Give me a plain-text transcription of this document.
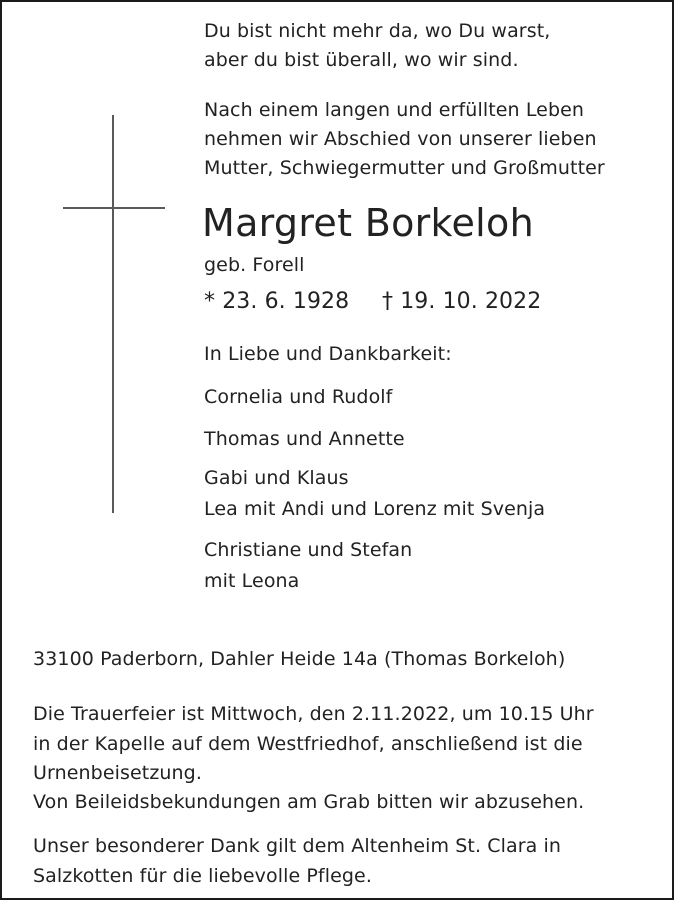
Du bist nicht mehr da, wo Du warst,
aber du bist überall, wo wir sind.
Nach einem langen und erfüllten Leben
nehmen wir Abschied von unserer lieben
Mutter, Schwiegermutter und Großmutter
Margret Borkeloh
geb. Forell
* 23. 6. 1928 † 19. 10. 2022
In Liebe und Dankbarkeit:
Cornelia und Rudolf
Thomas und Annette
Gabi und Klaus
Lea mit Andi und Lorenz mit Svenja
Christiane und Stefan
mit Leona
33100 Paderborn, Dahler Heide 14a (Thomas Borkeloh)
Die Trauerfeier ist Mittwoch, den 2.11.2022, um 10.15 Uhr
in der Kapelle auf dem Westfriedhof, anschließend ist die
Urnenbeisetzung.
Von Beileidsbekundungen am Grab bitten wir abzusehen.
Unser besonderer Dank gilt dem Altenheim St. Clara in
Salzkotten für die liebevolle Pflege.
